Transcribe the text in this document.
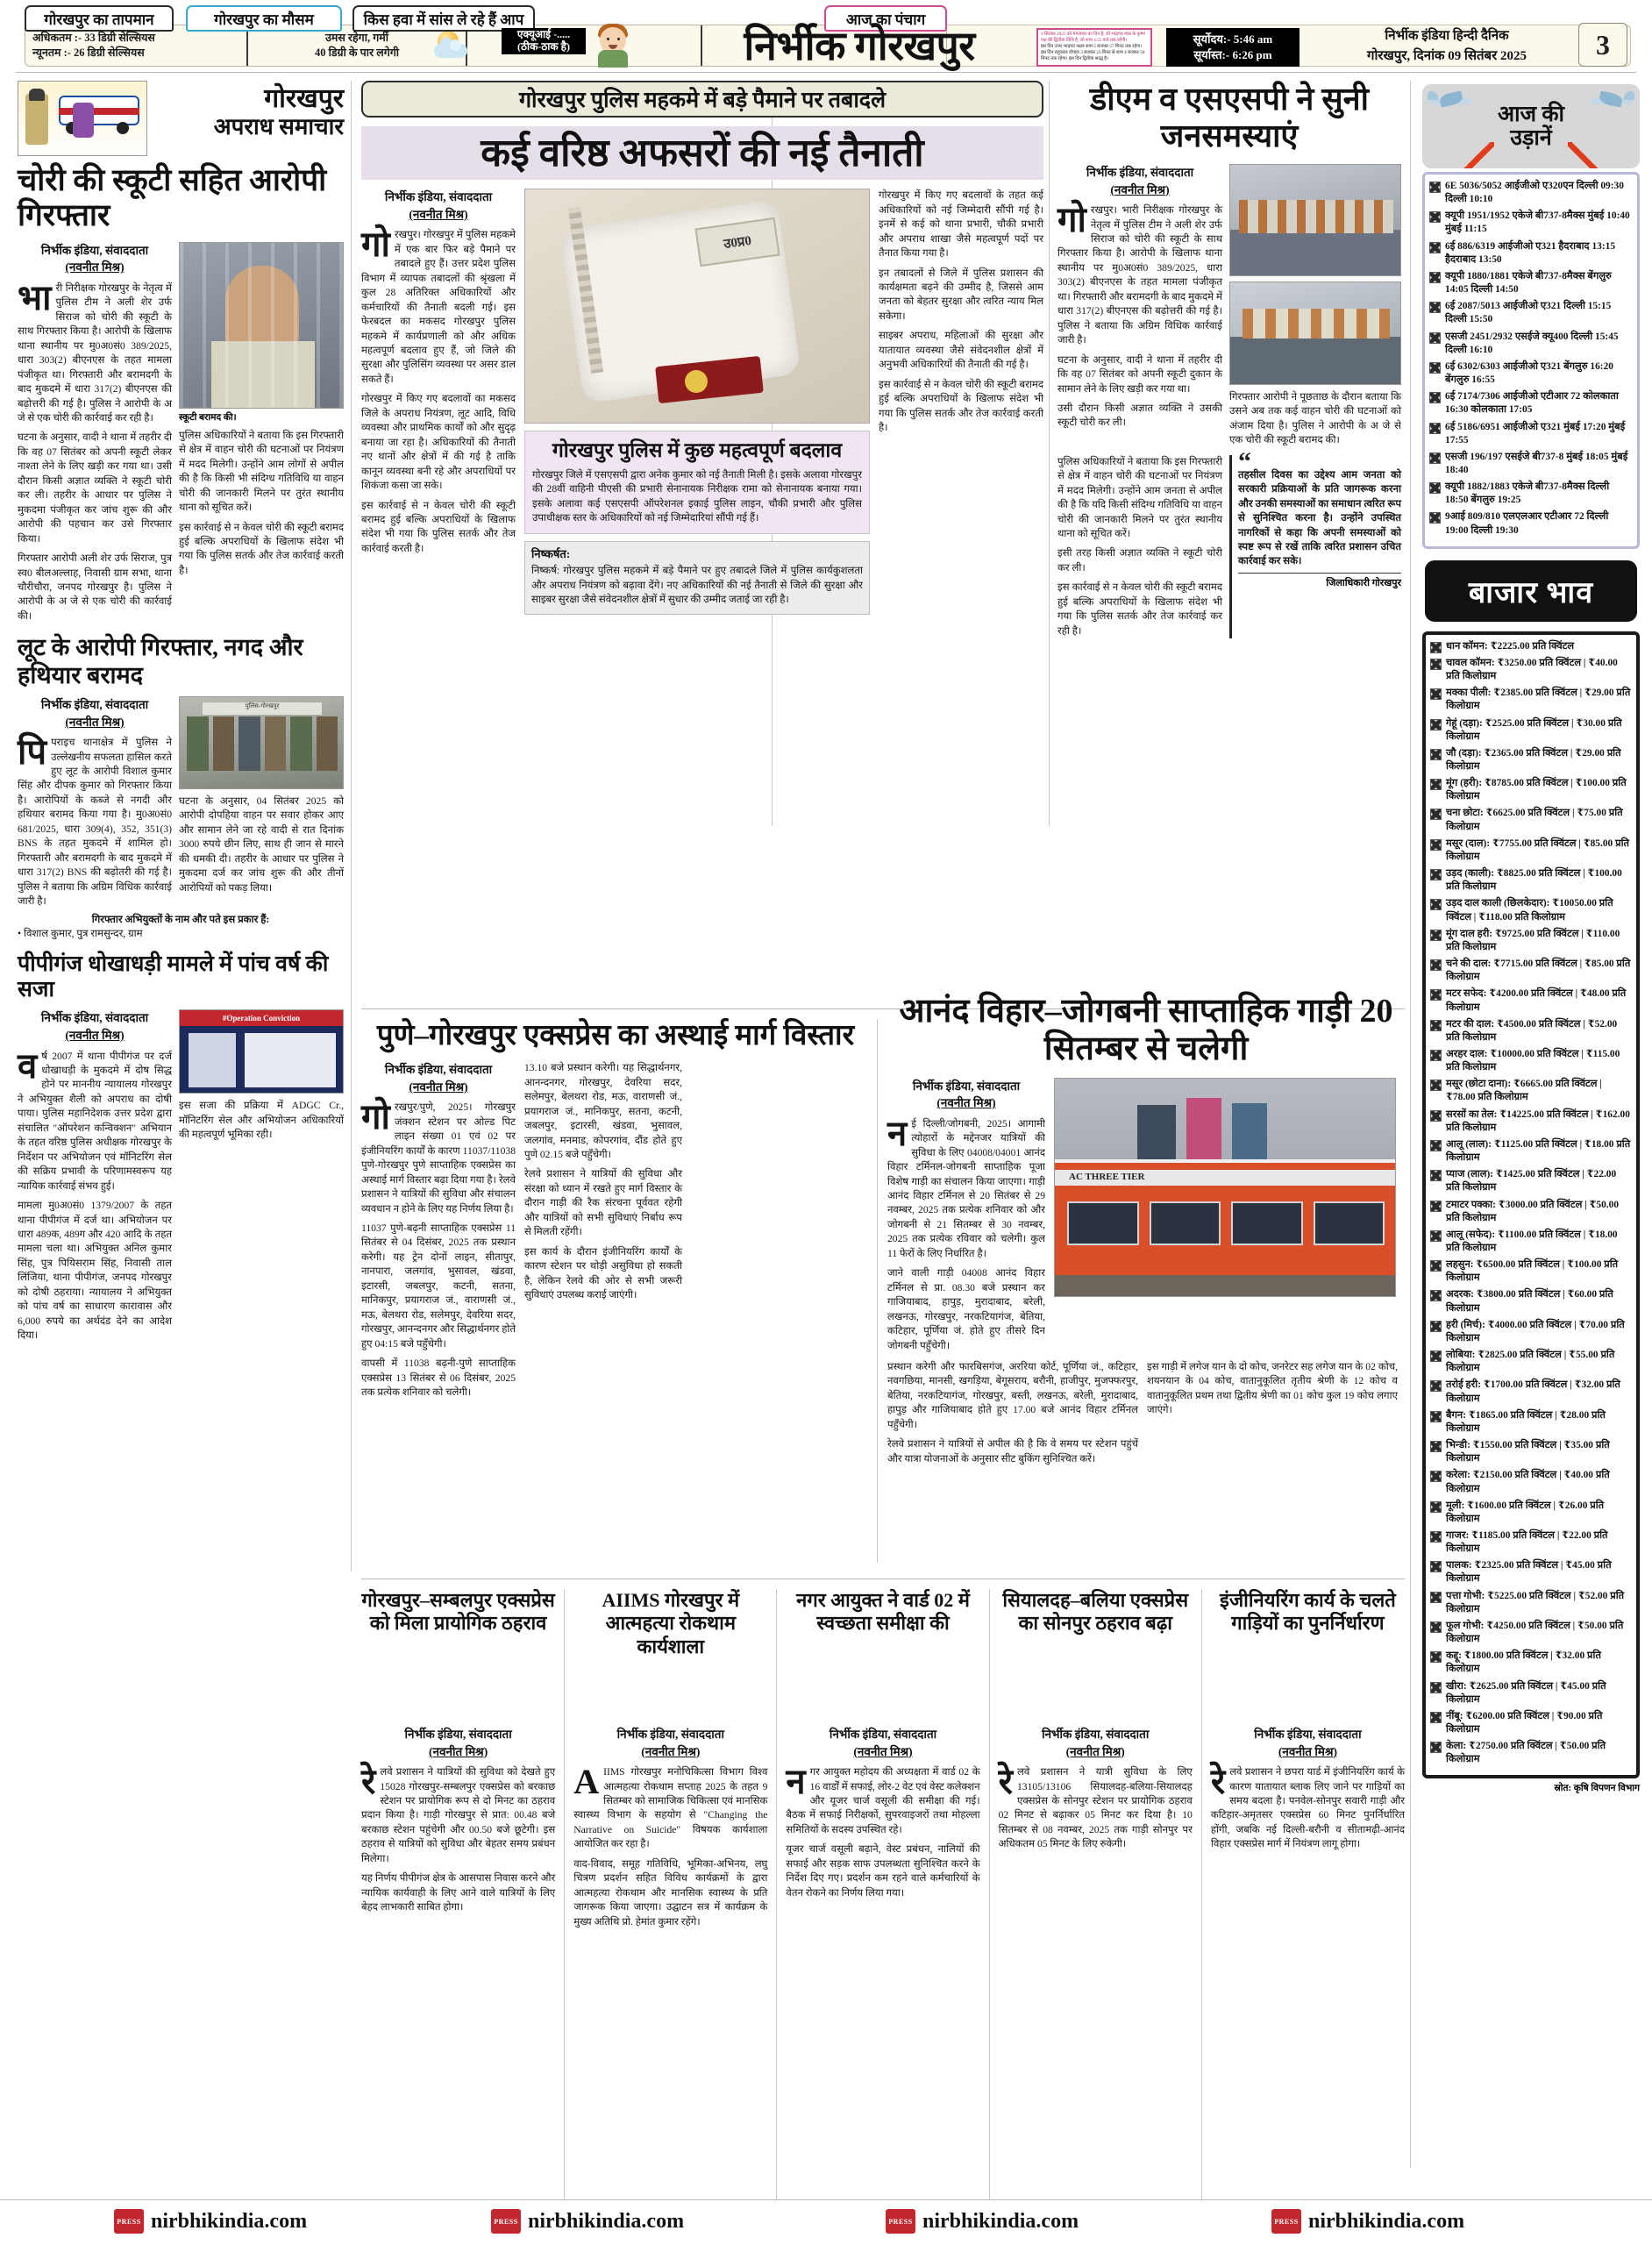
अधिकतम :- 33 डिग्री सेल्सियस
न्यूनतम :- 26 डिग्री सेल्सियस
उमस रहेगा, गर्मी
40 डिग्री के पार लगेगी
एक्यूआई -.....
(ठीक-ठाक है)
गोरखपुर का तापमान	गोरखपुर का मौसम	किस हवा में सांस ले रहे हैं आप	आज का पंचाग
निर्भीक गोरखपुर	9 सितंबर 2025 को मंगलवार का दिन है, जो भाद्रपद मास के कृष्ण पक्ष की द्वितीया तिथि है, जो शाम 4:25 बजे तक रहेगी।

इस दिन उत्तर भाद्रपद नक्षत्र शाम 5 बजकर 57 मिनट तक रहेगा। इस दिन राहुकाल दोपहर 3 बजकर 23 मिनट से शाम 4 बजकर 56 मिनट तक रहेगा। इस दिन द्वितीया श्राद्ध है।

सूर्योदय:- 5:46 am
सूर्यास्त:- 6:26 pm
निर्भीक इंडिया हिन्दी दैनिक
गोरखपुर, दिनांक 09 सितंबर 2025	3
गोरखपुर
अपराध समाचार
चोरी की स्कूटी सहित आरोपी गिरफ्तार
निर्भीक इंडिया, संवाददाता
(नवनीत मिश्र)
भारी निरीक्षक गोरखपुर के नेतृत्व में पुलिस टीम ने अली शेर उर्फ सिराज को चोरी की स्कूटी के साथ गिरफ्तार किया है। आरोपी के खिलाफ थाना स्थानीय पर मु0अ0सं0 389/2025, धारा 303(2) बीएनएस के तहत मामला पंजीकृत था। गिरफ्तारी और बरामदगी के बाद मुकदमे में धारा 317(2) बीएनएस की बढ़ोत्तरी की गई है। पुलिस ने आरोपी के अ जे से एक चोरी की कार्रवाई कर रही है।
घटना के अनुसार, वादी ने थाना में तहरीर दी कि वह 07 सितंबर को अपनी स्कूटी लेकर नाश्ता लेने के लिए खड़ी कर गया था। उसी दौरान किसी अज्ञात व्यक्ति ने स्कूटी चोरी कर ली। तहरीर के आधार पर पुलिस ने मुकदमा पंजीकृत कर जांच शुरू की और आरोपी की पहचान कर उसे गिरफ्तार किया।
गिरफ्तार आरोपी अली शेर उर्फ सिराज, पुत्र स्व0 बीलअल्लाह, निवासी ग्राम सभा, थाना चौरीचौरा, जनपद गोरखपुर है। पुलिस ने आरोपी के अ जे से एक चोरी की कार्रवाई की।
स्कूटी बरामद की।
पुलिस अधिकारियों ने बताया कि इस गिरफ्तारी से क्षेत्र में वाहन चोरी की घटनाओं पर नियंत्रण में मदद मिलेगी। उन्होंने आम लोगों से अपील की है कि किसी भी संदिग्ध गतिविधि या वाहन चोरी की जानकारी मिलने पर तुरंत स्थानीय थाना को सूचित करें।
इस कार्रवाई से न केवल चोरी की स्कूटी बरामद हुई बल्कि अपराधियों के खिलाफ संदेश भी गया कि पुलिस सतर्क और तेज कार्रवाई करती है।
लूट के आरोपी गिरफ्तार, नगद और हथियार बरामद
निर्भीक इंडिया, संवाददाता
(नवनीत मिश्र)
पिपराइच थानाक्षेत्र में पुलिस ने उल्लेखनीय सफलता हासिल करते हुए लूट के आरोपी विशाल कुमार सिंह और दीपक कुमार को गिरफ्तार किया है। आरोपियों के कब्जे से नगदी और हथियार बरामद किया गया है। मु0अ0सं0 681/2025, धारा 309(4), 352, 351(3) BNS के तहत मुकदमे में शामिल हो। गिरफ्तारी और बरामदगी के बाद मुकदमे में धारा 317(2) BNS की बढ़ोतरी की गई है। पुलिस ने बताया कि अग्रिम विधिक कार्रवाई जारी है।
पुलिस-गोरखपुर
घटना के अनुसार, 04 सितंबर 2025 को आरोपी दोपहिया वाहन पर सवार होकर आए और सामान लेने जा रहे वादी से रात दिनांक 3000 रुपये छीन लिए, साथ ही जान से मारने की धमकी दी। तहरीर के आधार पर पुलिस ने मुकदमा दर्ज कर जांच शुरू की और तीनों आरोपियों को पकड़ लिया।
गिरफ्तार अभियुक्तों के नाम और पते इस प्रकार हैं:
• विशाल कुमार, पुत्र रामसुन्दर, ग्राम
पीपीगंज धोखाधड़ी मामले में पांच वर्ष की सजा
निर्भीक इंडिया, संवाददाता
(नवनीत मिश्र)
वर्ष 2007 में थाना पीपीगंज पर दर्ज धोखाधड़ी के मुकदमे में दोष सिद्ध होने पर माननीय न्यायालय गोरखपुर ने अभियुक्त शैली को अपराध का दोषी पाया। पुलिस महानिदेशक उत्तर प्रदेश द्वारा संचालित "ऑपरेशन कन्विक्शन" अभियान के तहत वरिष्ठ पुलिस अधीक्षक गोरखपुर के निर्देशन पर अभियोजन एवं मॉनिटरिंग सेल की सक्रिय प्रभावी के परिणामस्वरूप यह न्यायिक कार्रवाई संभव हुई।
मामला मु0अ0सं0 1379/2007 के तहत थाना पीपीगंज में दर्ज था। अभियोजन पर धारा 489क, 489ग और 420 आदि के तहत मामला चला था। अभियुक्त अनिल कुमार सिंह, पुत्र पियिसराम सिंह, निवासी ताल लिंजिया, थाना पीपीगंज, जनपद गोरखपुर को दोषी ठहराया। न्यायालय ने अभियुक्त को पांच वर्ष का साधारण कारावास और 6,000 रुपये का अर्थदंड देने का आदेश दिया।
#Operation Conviction
इस सजा की प्रक्रिया में ADGC Cr., मॉनिटरिंग सेल और अभियोजन अधिकारियों की महत्वपूर्ण भूमिका रही।
गोरखपुर पुलिस महकमे में बड़े पैमाने पर तबादले
कई वरिष्ठ अफसरों की नई तैनाती
निर्भीक इंडिया, संवाददाता
(नवनीत मिश्र)
गोरखपुर। गोरखपुर में पुलिस महकमे में एक बार फिर बड़े पैमाने पर तबादले हुए हैं। उत्तर प्रदेश पुलिस विभाग में व्यापक तबादलों की श्रृंखला में कुल 28 अतिरिक्त अधिकारियों और कर्मचारियों की तैनाती बदली गई। इस फेरबदल का मकसद गोरखपुर पुलिस महकमे में कार्यप्रणाली को और अधिक महत्वपूर्ण बदलाव हुए हैं, जो जिले की सुरक्षा और पुलिसिंग व्यवस्था पर असर डाल सकते हैं।
गोरखपुर में किए गए बदलावों का मकसद जिले के अपराध नियंत्रण, लूट आदि, विधि व्यवस्था और प्राथमिक कार्यों को और सुदृढ़ बनाया जा रहा है। अधिकारियों की तैनाती नए थानों और क्षेत्रों में की गई है ताकि कानून व्यवस्था बनी रहे और अपराधियों पर शिकंजा कसा जा सके।
इस कार्रवाई से न केवल चोरी की स्कूटी बरामद हुई बल्कि अपराधियों के खिलाफ संदेश भी गया कि पुलिस सतर्क और तेज कार्रवाई करती है।
उ0प्र0
गोरखपुर पुलिस में कुछ महत्वपूर्ण बदलाव
गोरखपुर जिले में एसएसपी द्वारा अनेक कुमार को नई तैनाती मिली है। इसके अलावा गोरखपुर की 28वीं वाहिनी पीएसी की प्रभारी सेनानायक निरीक्षक रामा को सेनानायक बनाया गया। इसके अलावा कई एसएसपी ऑपरेशनल इकाई पुलिस लाइन, चौकी प्रभारी और पुलिस उपाधीक्षक स्तर के अधिकारियों को नई जिम्मेदारियां सौंपी गई हैं।
निष्कर्षत:
निष्कर्ष: गोरखपुर पुलिस महकमे में बड़े पैमाने पर हुए तबादले जिले में पुलिस कार्यकुशलता और अपराध नियंत्रण को बढ़ावा देंगे। नए अधिकारियों की नई तैनाती से जिले की सुरक्षा और साइबर सुरक्षा जैसे संवेदनशील क्षेत्रों में सुधार की उम्मीद जताई जा रही है।
गोरखपुर में किए गए बदलावों के तहत कई अधिकारियों को नई जिम्मेदारी सौंपी गई है। इनमें से कई को थाना प्रभारी, चौकी प्रभारी और अपराध शाखा जैसे महत्वपूर्ण पदों पर तैनात किया गया है।
इन तबादलों से जिले में पुलिस प्रशासन की कार्यक्षमता बढ़ने की उम्मीद है, जिससे आम जनता को बेहतर सुरक्षा और त्वरित न्याय मिल सकेगा।
साइबर अपराध, महिलाओं की सुरक्षा और यातायात व्यवस्था जैसे संवेदनशील क्षेत्रों में अनुभवी अधिकारियों की तैनाती की गई है।
इस कार्रवाई से न केवल चोरी की स्कूटी बरामद हुई बल्कि अपराधियों के खिलाफ संदेश भी गया कि पुलिस सतर्क और तेज कार्रवाई करती है।
डीएम व एसएसपी ने सुनी जनसमस्याएं
निर्भीक इंडिया, संवाददाता
(नवनीत मिश्र)
गोरखपुर। भारी निरीक्षक गोरखपुर के नेतृत्व में पुलिस टीम ने अली शेर उर्फ सिराज को चोरी की स्कूटी के साथ गिरफ्तार किया है। आरोपी के खिलाफ थाना स्थानीय पर मु0अ0सं0 389/2025, धारा 303(2) बीएनएस के तहत मामला पंजीकृत था। गिरफ्तारी और बरामदगी के बाद मुकदमे में धारा 317(2) बीएनएस की बढ़ोत्तरी की गई है। पुलिस ने बताया कि अग्रिम विधिक कार्रवाई जारी है।
घटना के अनुसार, वादी ने थाना में तहरीर दी कि वह 07 सितंबर को अपनी स्कूटी दुकान के सामान लेने के लिए खड़ी कर गया था।
उसी दौरान किसी अज्ञात व्यक्ति ने उसकी स्कूटी चोरी कर ली।
गिरफ्तार आरोपी ने पूछताछ के दौरान बताया कि उसने अब तक कई वाहन चोरी की घटनाओं को अंजाम दिया है। पुलिस ने आरोपी के अ जे से एक चोरी की स्कूटी बरामद की।
पुलिस अधिकारियों ने बताया कि इस गिरफ्तारी से क्षेत्र में वाहन चोरी की घटनाओं पर नियंत्रण में मदद मिलेगी। उन्होंने आम जनता से अपील की है कि यदि किसी संदिग्ध गतिविधि या वाहन चोरी की जानकारी मिलने पर तुरंत स्थानीय थाना को सूचित करें।
इसी तरह किसी अज्ञात व्यक्ति ने स्कूटी चोरी कर ली।
इस कार्रवाई से न केवल चोरी की स्कूटी बरामद हुई बल्कि अपराधियों के खिलाफ संदेश भी गया कि पुलिस सतर्क और तेज कार्रवाई कर रही है।
“
तहसील दिवस का उद्देश्य आम जनता को सरकारी प्रक्रियाओं के प्रति जागरूक करना और उनकी समस्याओं का समाधान त्वरित रूप से सुनिश्चित करना है। उन्होंने उपस्थित नागरिकों से कहा कि अपनी समस्याओं को स्पष्ट रूप से रखें ताकि त्वरित प्रशासन उचित कार्रवाई कर सके।
जिलाधिकारी गोरखपुर
पुणे–गोरखपुर एक्सप्रेस का अस्थाई मार्ग विस्तार
निर्भीक इंडिया, संवाददाता
(नवनीत मिश्र)
गोरखपुर/पुणे, 2025। गोरखपुर जंक्शन स्टेशन पर ओल्ड पिट लाइन संख्या 01 एवं 02 पर इंजीनियरिंग कार्यों के कारण 11037/11038 पुणे-गोरखपुर पुणे साप्ताहिक एक्सप्रेस का अस्थाई मार्ग विस्तार बढ़ा दिया गया है। रेलवे प्रशासन ने यात्रियों की सुविधा और संचालन व्यवधान न होने के लिए यह निर्णय लिया है।
11037 पुणे-बढ़नी साप्ताहिक एक्सप्रेस 11 सितंबर से 04 दिसंबर, 2025 तक प्रस्थान करेगी। यह ट्रेन दोनों लाइन, सीतापुर, नानपारा, जलगांव, भुसावल, खंडवा, इटारसी, जबलपुर, कटनी, सतना, मानिकपुर, प्रयागराज जं., वाराणसी जं., मऊ, बेलथरा रोड, सलेमपुर, देवरिया सदर, गोरखपुर, आनन्दनगर और सिद्धार्थनगर होते हुए 04:15 बजे पहुँचेगी।
वापसी में 11038 बढ़नी-पुणे साप्ताहिक एक्सप्रेस 13 सितंबर से 06 दिसंबर, 2025 तक प्रत्येक शनिवार को चलेगी।
13.10 बजे प्रस्थान करेगी। यह सिद्धार्थनगर, आनन्दनगर, गोरखपुर, देवरिया सदर, सलेमपुर, बेलथरा रोड, मऊ, वाराणसी जं., प्रयागराज जं., मानिकपुर, सतना, कटनी, जबलपुर, इटारसी, खंडवा, भुसावल, जलगांव, मनमाड, कोपरगांव, दौंड होते हुए पुणे 02.15 बजे पहुँचेगी।
रेलवे प्रशासन ने यात्रियों की सुविधा और संरक्षा को ध्यान में रखते हुए मार्ग विस्तार के दौरान गाड़ी की रैक संरचना पूर्ववत रहेगी और यात्रियों को सभी सुविधाएं निर्बाध रूप से मिलती रहेंगी।
इस कार्य के दौरान इंजीनियरिंग कार्यों के कारण स्टेशन पर थोड़ी असुविधा हो सकती है, लेकिन रेलवे की ओर से सभी जरूरी सुविधाएं उपलब्ध कराई जाएंगी।
आनंद विहार–जोगबनी साप्ताहिक गाड़ी 20 सितम्बर से चलेगी
निर्भीक इंडिया, संवाददाता
(नवनीत मिश्र)
नई दिल्ली/जोगबनी, 2025। आगामी त्योहारों के मद्देनजर यात्रियों की सुविधा के लिए 04008/04001 आनंद विहार टर्मिनल-जोगबनी साप्ताहिक पूजा विशेष गाड़ी का संचालन किया जाएगा। गाड़ी आनंद विहार टर्मिनल से 20 सितंबर से 29 नवम्बर, 2025 तक प्रत्येक शनिवार को और जोगबनी से 21 सितम्बर से 30 नवम्बर, 2025 तक प्रत्येक रविवार को चलेगी। कुल 11 फेरों के लिए निर्धारित है।
जाने वाली गाड़ी 04008 आनंद विहार टर्मिनल से प्रा. 08.30 बजे प्रस्थान कर गाजियाबाद, हापुड़, मुरादाबाद, बरेली, लखनऊ, गोरखपुर, नरकटियागंज, बेतिया, कटिहार, पूर्णिया जं. होते हुए तीसरे दिन जोगबनी पहुँचेगी।
AC THREE TIER
प्रस्थान करेगी और फारबिसगंज, अररिया कोर्ट, पूर्णिया जं., कटिहार, नवगछिया, मानसी, खगड़िया, बेगूसराय, बरौनी, हाजीपुर, मुजफ्फरपुर, बेतिया, नरकटियागंज, गोरखपुर, बस्ती, लखनऊ, बरेली, मुरादाबाद, हापुड़ और गाजियाबाद होते हुए 17.00 बजे आनंद विहार टर्मिनल पहुँचेगी।
रेलवे प्रशासन ने यात्रियों से अपील की है कि वे समय पर स्टेशन पहुंचें और यात्रा योजनाओं के अनुसार सीट बुकिंग सुनिश्चित करें।
इस गाड़ी में लगेज यान के दो कोच, जनरेटर सह लगेज यान के 02 कोच, शयनयान के 04 कोच, वातानुकूलित तृतीय श्रेणी के 12 कोच व वातानुकूलित प्रथम तथा द्वितीय श्रेणी का 01 कोच कुल 19 कोच लगाए जाएंगे।
गोरखपुर–सम्बलपुर एक्सप्रेस को मिला प्रायोगिक ठहराव
निर्भीक इंडिया, संवाददाता
(नवनीत मिश्र)
रेलवे प्रशासन ने यात्रियों की सुविधा को देखते हुए 15028 गोरखपुर-सम्बलपुर एक्सप्रेस को बरकाछ स्टेशन पर प्रायोगिक रूप से दो मिनट का ठहराव प्रदान किया है। गाड़ी गोरखपुर से प्रात: 00.48 बजे बरकाछ स्टेशन पहुंचेगी और 00.50 बजे छूटेगी। इस ठहराव से यात्रियों को सुविधा और बेहतर समय प्रबंधन मिलेगा।
यह निर्णय पीपीगंज क्षेत्र के आसपास निवास करने और न्यायिक कार्यवाही के लिए आने वाले यात्रियों के लिए बेहद लाभकारी साबित होगा।
AIIMS गोरखपुर में आत्महत्या रोकथाम कार्यशाला
निर्भीक इंडिया, संवाददाता
(नवनीत मिश्र)
AIIMS गोरखपुर मनोचिकित्सा विभाग विश्व आत्महत्या रोकथाम सप्ताह 2025 के तहत 9 सितम्बर को सामाजिक चिकित्सा एवं मानसिक स्वास्थ्य विभाग के सहयोग से "Changing the Narrative on Suicide" विषयक कार्यशाला आयोजित कर रहा है।
वाद-विवाद, समूह गतिविधि, भूमिका-अभिनय, लघु चित्रण प्रदर्शन सहित विविध कार्यक्रमों के द्वारा आत्महत्या रोकथाम और मानसिक स्वास्थ्य के प्रति जागरूक किया जाएगा। उद्घाटन सत्र में कार्यक्रम के मुख्य अतिथि प्रो. हेमांत कुमार रहेंगे।
नगर आयुक्त ने वार्ड 02 में स्वच्छता समीक्षा की
निर्भीक इंडिया, संवाददाता
(नवनीत मिश्र)
नगर आयुक्त महोदय की अध्यक्षता में वार्ड 02 के 16 वार्डों में सफाई, लोर-2 वेट एवं वेस्ट कलेक्शन और यूजर चार्ज वसूली की समीक्षा की गई। बैठक में सफाई निरीक्षकों, सुपरवाइजरों तथा मोहल्ला समितियों के सदस्य उपस्थित रहे।
यूजर चार्ज वसूली बढ़ाने, वेस्ट प्रबंधन, नालियों की सफाई और सड़क साफ उपलब्धता सुनिश्चित करने के निर्देश दिए गए। प्रदर्शन कम रहने वाले कर्मचारियों के वेतन रोकने का निर्णय लिया गया।
सियालदह–बलिया एक्सप्रेस का सोनपुर ठहराव बढ़ा
निर्भीक इंडिया, संवाददाता
(नवनीत मिश्र)
रेलवे प्रशासन ने यात्री सुविधा के लिए 13105/13106 सियालदह-बलिया-सियालदह एक्सप्रेस के सोनपुर स्टेशन पर प्रायोगिक ठहराव 02 मिनट से बढ़ाकर 05 मिनट कर दिया है। 10 सितम्बर से 08 नवम्बर, 2025 तक गाड़ी सोनपुर पर अधिकतम 05 मिनट के लिए रुकेगी।
इंजीनियरिंग कार्य के चलते गाड़ियों का पुनर्निर्धारण
निर्भीक इंडिया, संवाददाता
(नवनीत मिश्र)
रेलवे प्रशासन ने छपरा यार्ड में इंजीनियरिंग कार्य के कारण यातायात ब्लाक लिए जाने पर गाड़ियों का समय बदला है। पनवेल-सोनपुर सवारी गाड़ी और कटिहार-अमृतसर एक्सप्रेस 60 मिनट पुनर्निर्धारित होंगी, जबकि नई दिल्ली-बरौनी व सीतामढ़ी-आनंद विहार एक्सप्रेस मार्ग में नियंत्रण लागू होगा।
आज की
उड़ानें
6E 5036/5052 आईजीओ ए320एन दिल्ली 09:30 दिल्ली 10:10
क्यूपी 1951/1952 एकेजे बी737-8मैक्स मुंबई 10:40 मुंबई 11:15
6ई 886/6319 आईजीओ ए321 हैदराबाद 13:15 हैदराबाद 13:50
क्यूपी 1880/1881 एकेजे बी737-8मैक्स बेंगलुरु 14:05 दिल्ली 14:50
6ई 2087/5013 आईजीओ ए321 दिल्ली 15:15 दिल्ली 15:50
एसजी 2451/2932 एसईजे क्यू400 दिल्ली 15:45 दिल्ली 16:10
6ई 6302/6303 आईजीओ ए321 बेंगलुरु 16:20 बेंगलुरु 16:55
6ई 7174/7306 आईजीओ एटीआर 72 कोलकाता 16:30 कोलकाता 17:05
6ई 5186/6951 आईजीओ ए321 मुंबई 17:20 मुंबई 17:55
एसजी 196/197 एसईजे बी737-8 मुंबई 18:05 मुंबई 18:40
क्यूपी 1882/1883 एकेजे बी737-8मैक्स दिल्ली 18:50 बेंगलुरु 19:25
9आई 809/810 एलएलआर एटीआर 72 दिल्ली 19:00 दिल्ली 19:30
बाजार भाव
धान कॉमन: ₹2225.00 प्रति क्विंटल
चावल कॉमन: ₹3250.00 प्रति क्विंटल | ₹40.00 प्रति किलोग्राम
मक्का पीली: ₹2385.00 प्रति क्विंटल | ₹29.00 प्रति किलोग्राम
गेहूं (दड़ा): ₹2525.00 प्रति क्विंटल | ₹30.00 प्रति किलोग्राम
जौ (दड़ा): ₹2365.00 प्रति क्विंटल | ₹29.00 प्रति किलोग्राम
मूंग (हरी): ₹8785.00 प्रति क्विंटल | ₹100.00 प्रति किलोग्राम
चना छोटा: ₹6625.00 प्रति क्विंटल | ₹75.00 प्रति किलोग्राम
मसूर (दाल): ₹7755.00 प्रति क्विंटल | ₹85.00 प्रति किलोग्राम
उड़द (काली): ₹8825.00 प्रति क्विंटल | ₹100.00 प्रति किलोग्राम
उड़द दाल काली (छिलकेदार): ₹10050.00 प्रति क्विंटल | ₹118.00 प्रति किलोग्राम
मूंग दाल हरी: ₹9725.00 प्रति क्विंटल | ₹110.00 प्रति किलोग्राम
चने की दाल: ₹7715.00 प्रति क्विंटल | ₹85.00 प्रति किलोग्राम
मटर सफेद: ₹4200.00 प्रति क्विंटल | ₹48.00 प्रति किलोग्राम
मटर की दाल: ₹4500.00 प्रति क्विंटल | ₹52.00 प्रति किलोग्राम
अरहर दाल: ₹10000.00 प्रति क्विंटल | ₹115.00 प्रति किलोग्राम
मसूर (छोटा दाना): ₹6665.00 प्रति क्विंटल | ₹78.00 प्रति किलोग्राम
सरसों का तेल: ₹14225.00 प्रति क्विंटल | ₹162.00 प्रति किलोग्राम
आलू (लाल): ₹1125.00 प्रति क्विंटल | ₹18.00 प्रति किलोग्राम
प्याज (लाल): ₹1425.00 प्रति क्विंटल | ₹22.00 प्रति किलोग्राम
टमाटर पक्का: ₹3000.00 प्रति क्विंटल | ₹50.00 प्रति किलोग्राम
आलू (सफेद): ₹1100.00 प्रति क्विंटल | ₹18.00 प्रति किलोग्राम
लहसुन: ₹6500.00 प्रति क्विंटल | ₹100.00 प्रति किलोग्राम
अदरक: ₹3800.00 प्रति क्विंटल | ₹60.00 प्रति किलोग्राम
हरी (मिर्च): ₹4000.00 प्रति क्विंटल | ₹70.00 प्रति किलोग्राम
लोबिया: ₹2825.00 प्रति क्विंटल | ₹55.00 प्रति किलोग्राम
तरोई हरी: ₹1700.00 प्रति क्विंटल | ₹32.00 प्रति किलोग्राम
बैगन: ₹1865.00 प्रति क्विंटल | ₹28.00 प्रति किलोग्राम
भिन्डी: ₹1550.00 प्रति क्विंटल | ₹35.00 प्रति किलोग्राम
करेला: ₹2150.00 प्रति क्विंटल | ₹40.00 प्रति किलोग्राम
मूली: ₹1600.00 प्रति क्विंटल | ₹26.00 प्रति किलोग्राम
गाजर: ₹1185.00 प्रति क्विंटल | ₹22.00 प्रति किलोग्राम
पालक: ₹2325.00 प्रति क्विंटल | ₹45.00 प्रति किलोग्राम
पत्ता गोभी: ₹5225.00 प्रति क्विंटल | ₹52.00 प्रति किलोग्राम
फूल गोभी: ₹4250.00 प्रति क्विंटल | ₹50.00 प्रति किलोग्राम
कद्दू: ₹1800.00 प्रति क्विंटल | ₹32.00 प्रति किलोग्राम
खीरा: ₹2625.00 प्रति क्विंटल | ₹45.00 प्रति किलोग्राम
नींबू: ₹6200.00 प्रति क्विंटल | ₹90.00 प्रति किलोग्राम
केला: ₹2750.00 प्रति क्विंटल | ₹50.00 प्रति किलोग्राम
स्रोत: कृषि विपणन विभाग
PRESS nirbhikindia.com	PRESS nirbhikindia.com	PRESS nirbhikindia.com	PRESS nirbhikindia.com
